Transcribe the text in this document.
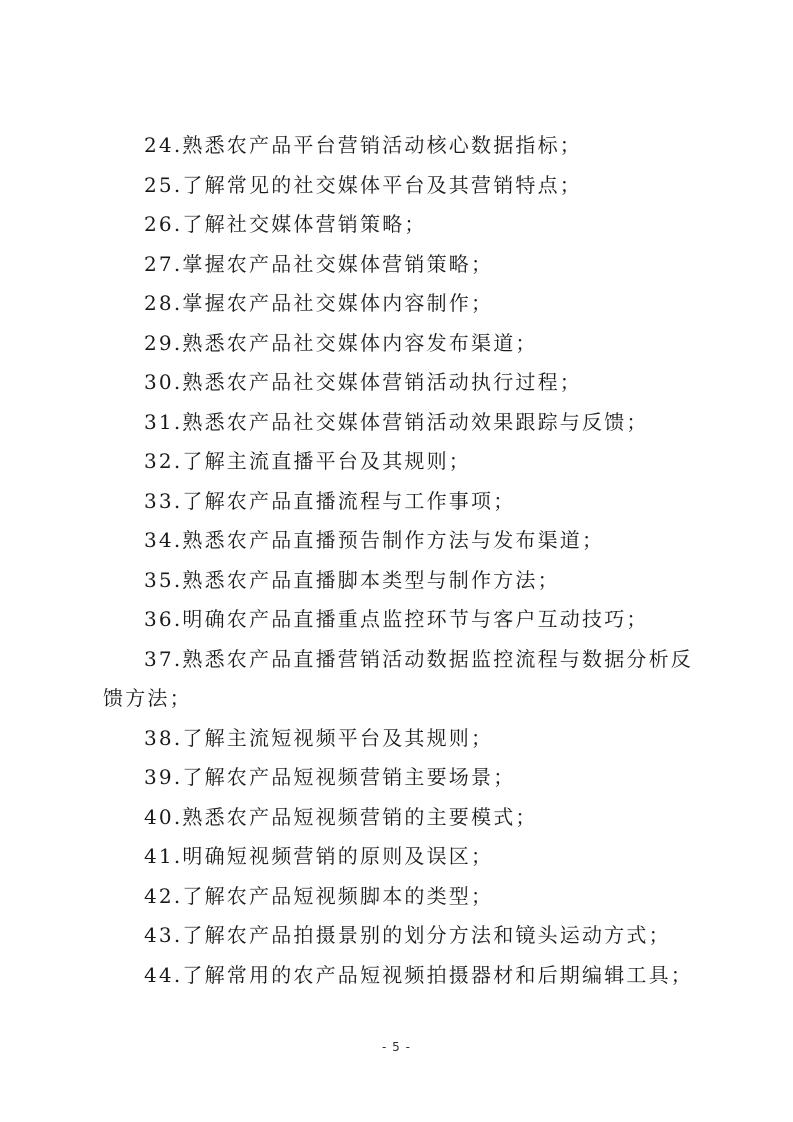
24.熟悉农产品平台营销活动核心数据指标；
25.了解常见的社交媒体平台及其营销特点；
26.了解社交媒体营销策略；
27.掌握农产品社交媒体营销策略；
28.掌握农产品社交媒体内容制作；
29.熟悉农产品社交媒体内容发布渠道；
30.熟悉农产品社交媒体营销活动执行过程；
31.熟悉农产品社交媒体营销活动效果跟踪与反馈；
32.了解主流直播平台及其规则；
33.了解农产品直播流程与工作事项；
34.熟悉农产品直播预告制作方法与发布渠道；
35.熟悉农产品直播脚本类型与制作方法；
36.明确农产品直播重点监控环节与客户互动技巧；
37.熟悉农产品直播营销活动数据监控流程与数据分析反馈方法；
38.了解主流短视频平台及其规则；
39.了解农产品短视频营销主要场景；
40.熟悉农产品短视频营销的主要模式；
41.明确短视频营销的原则及误区；
42.了解农产品短视频脚本的类型；
43.了解农产品拍摄景别的划分方法和镜头运动方式；
44.了解常用的农产品短视频拍摄器材和后期编辑工具；
- 5 -
